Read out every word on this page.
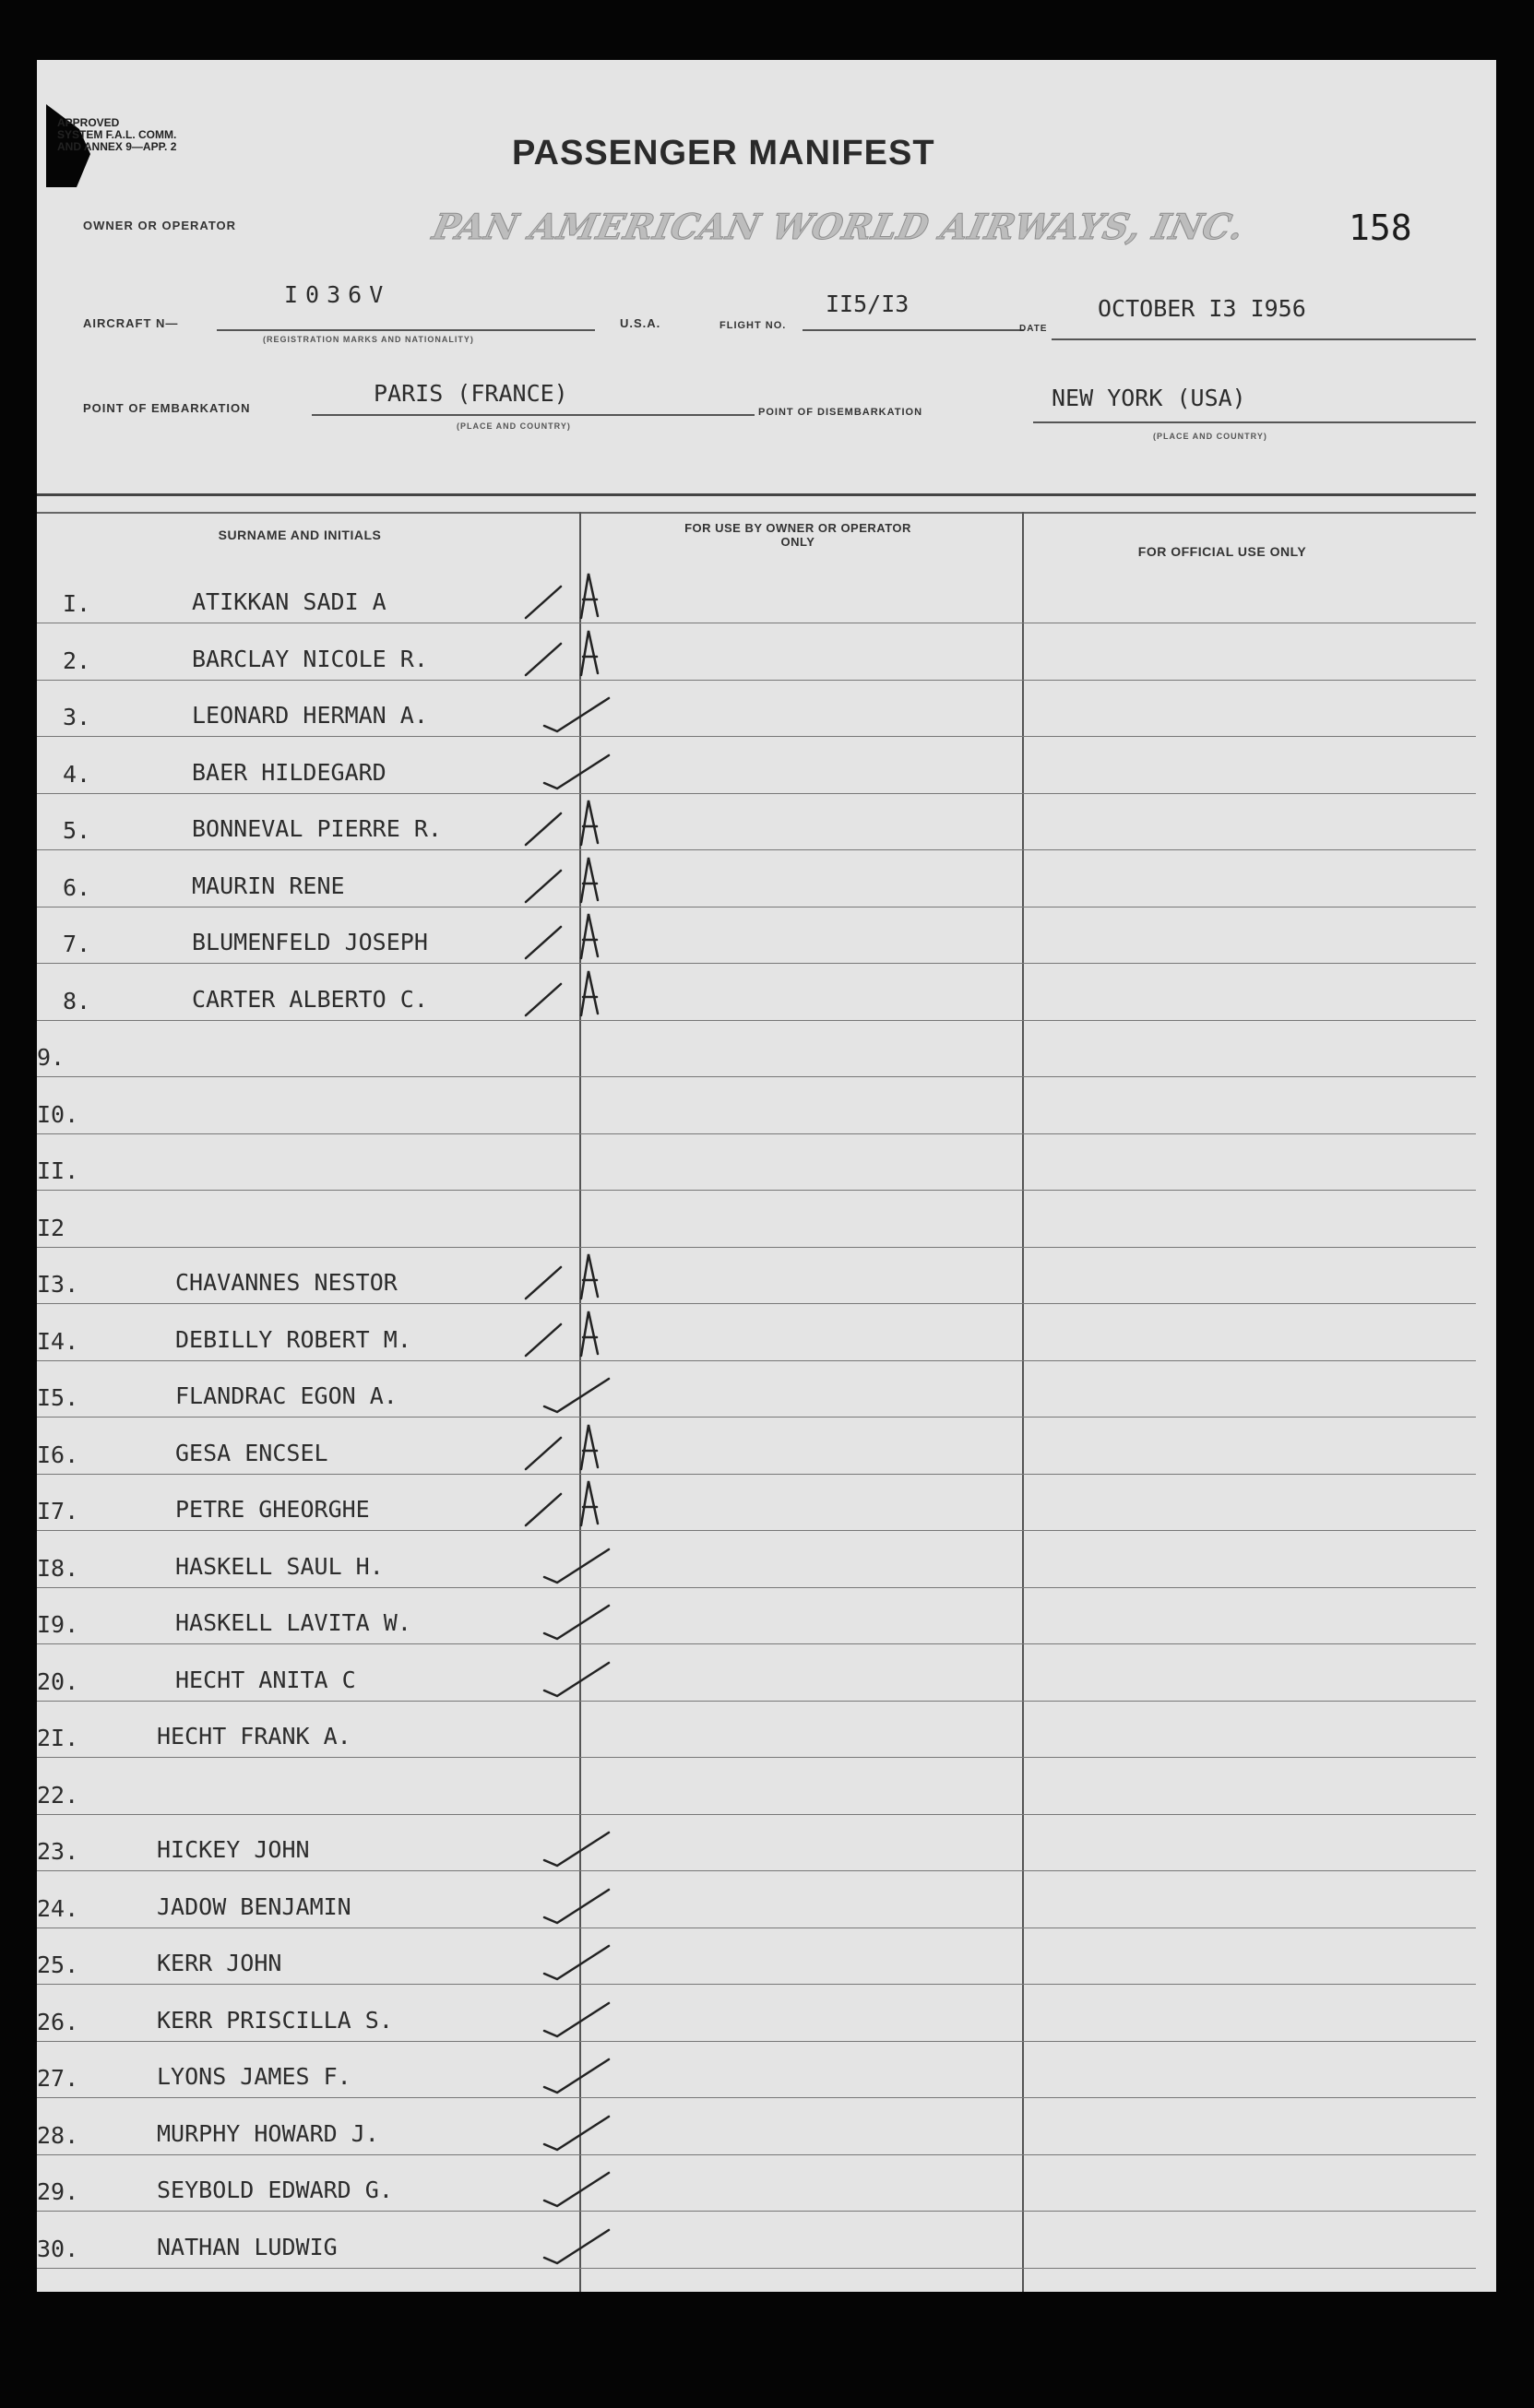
APPROVED
SYSTEM F.A.L. COMM.
AND ANNEX 9—APP. 2	PASSENGER MANIFEST
OWNER OR OPERATOR	PAN AMERICAN WORLD AIRWAYS, INC.	158
AIRCRAFT N—
I036V
(REGISTRATION MARKS AND NATIONALITY)
U.S.A.	FLIGHT NO.
II5/I3
DATE
OCTOBER I3 I956
POINT OF EMBARKATION
PARIS (FRANCE)
(PLACE AND COUNTRY)
POINT OF DISEMBARKATION
NEW YORK (USA)
(PLACE AND COUNTRY)
SURNAME AND INITIALS	FOR USE BY OWNER OR OPERATOR ONLY
FOR OFFICIAL USE ONLY
I.	ATIKKAN SADI A
2.	BARCLAY NICOLE R.
3.	LEONARD HERMAN A.
4.	BAER HILDEGARD
5.	BONNEVAL PIERRE R.
6.	MAURIN RENE
7.	BLUMENFELD JOSEPH
8.	CARTER ALBERTO C.
9.
I0.
II.
I2
I3.	CHAVANNES NESTOR
I4.	DEBILLY ROBERT M.
I5.	FLANDRAC EGON A.
I6.	GESA ENCSEL
I7.	PETRE GHEORGHE
I8.	HASKELL SAUL H.
I9.	HASKELL LAVITA W.
20.	HECHT ANITA C
2I.	HECHT FRANK A.
22.
23.	HICKEY JOHN
24.	JADOW BENJAMIN
25.	KERR JOHN
26.	KERR PRISCILLA S.
27.	LYONS JAMES F.
28.	MURPHY HOWARD J.
29.	SEYBOLD EDWARD G.
30.	NATHAN LUDWIG
